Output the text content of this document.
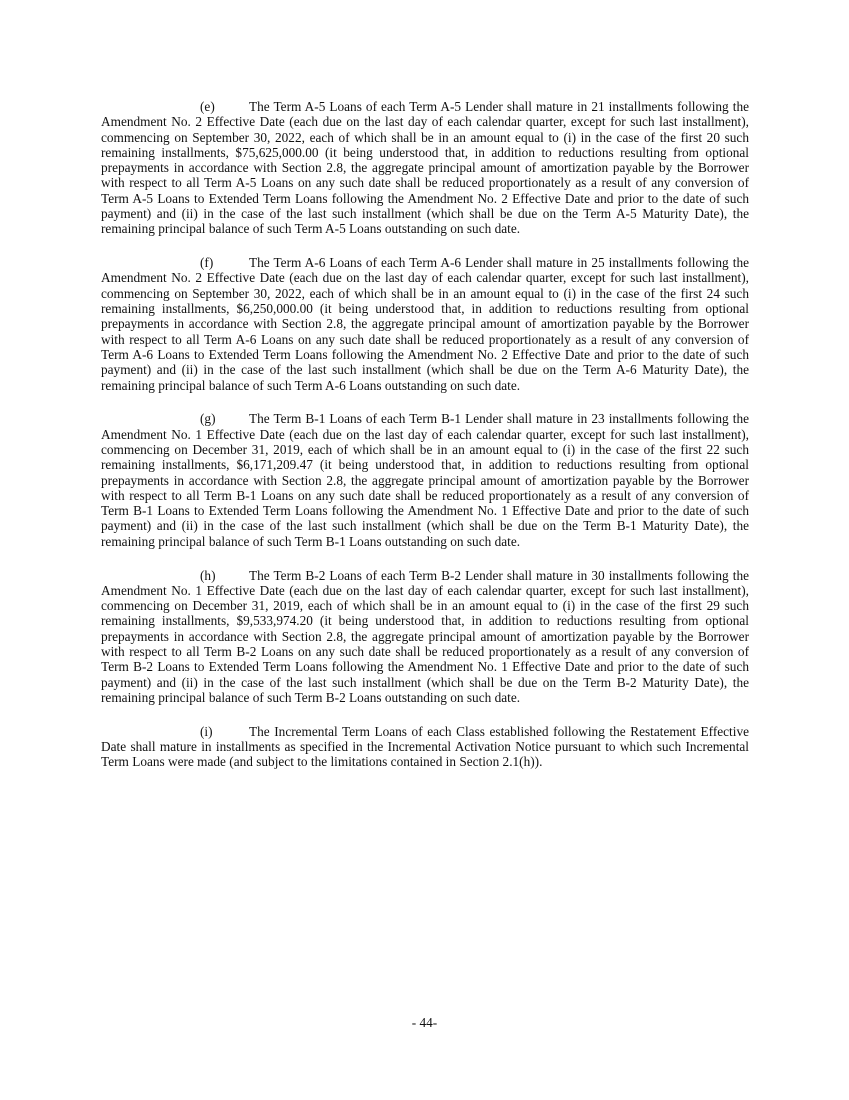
(e)	The Term A-5 Loans of each Term A-5 Lender shall mature in 21 installments following the Amendment No. 2 Effective Date (each due on the last day of each calendar quarter, except for such last installment), commencing on September 30, 2022, each of which shall be in an amount equal to (i) in the case of the first 20 such remaining installments, $75,625,000.00 (it being understood that, in addition to reductions resulting from optional prepayments in accordance with Section 2.8, the aggregate principal amount of amortization payable by the Borrower with respect to all Term A-5 Loans on any such date shall be reduced proportionately as a result of any conversion of Term A-5 Loans to Extended Term Loans following the Amendment No. 2 Effective Date and prior to the date of such payment) and (ii) in the case of the last such installment (which shall be due on the Term A-5 Maturity Date), the remaining principal balance of such Term A-5 Loans outstanding on such date.

(f)	The Term A-6 Loans of each Term A-6 Lender shall mature in 25 installments following the Amendment No. 2 Effective Date (each due on the last day of each calendar quarter, except for such last installment), commencing on September 30, 2022, each of which shall be in an amount equal to (i) in the case of the first 24 such remaining installments, $6,250,000.00 (it being understood that, in addition to reductions resulting from optional prepayments in accordance with Section 2.8, the aggregate principal amount of amortization payable by the Borrower with respect to all Term A-6 Loans on any such date shall be reduced proportionately as a result of any conversion of Term A-6 Loans to Extended Term Loans following the Amendment No. 2 Effective Date and prior to the date of such payment) and (ii) in the case of the last such installment (which shall be due on the Term A-6 Maturity Date), the remaining principal balance of such Term A-6 Loans outstanding on such date.

(g)	The Term B-1 Loans of each Term B-1 Lender shall mature in 23 installments following the Amendment No. 1 Effective Date (each due on the last day of each calendar quarter, except for such last installment), commencing on December 31, 2019, each of which shall be in an amount equal to (i) in the case of the first 22 such remaining installments, $6,171,209.47 (it being understood that, in addition to reductions resulting from optional prepayments in accordance with Section 2.8, the aggregate principal amount of amortization payable by the Borrower with respect to all Term B-1 Loans on any such date shall be reduced proportionately as a result of any conversion of Term B-1 Loans to Extended Term Loans following the Amendment No. 1 Effective Date and prior to the date of such payment) and (ii) in the case of the last such installment (which shall be due on the Term B-1 Maturity Date), the remaining principal balance of such Term B-1 Loans outstanding on such date.

(h)	The Term B-2 Loans of each Term B-2 Lender shall mature in 30 installments following the Amendment No. 1 Effective Date (each due on the last day of each calendar quarter, except for such last installment), commencing on December 31, 2019, each of which shall be in an amount equal to (i) in the case of the first 29 such remaining installments, $9,533,974.20 (it being understood that, in addition to reductions resulting from optional prepayments in accordance with Section 2.8, the aggregate principal amount of amortization payable by the Borrower with respect to all Term B-2 Loans on any such date shall be reduced proportionately as a result of any conversion of Term B-2 Loans to Extended Term Loans following the Amendment No. 1 Effective Date and prior to the date of such payment) and (ii) in the case of the last such installment (which shall be due on the Term B-2 Maturity Date), the remaining principal balance of such Term B-2 Loans outstanding on such date.

(i)	The Incremental Term Loans of each Class established following the Restatement Effective Date shall mature in installments as specified in the Incremental Activation Notice pursuant to which such Incremental Term Loans were made (and subject to the limitations contained in Section 2.1(h)).

- 44-
